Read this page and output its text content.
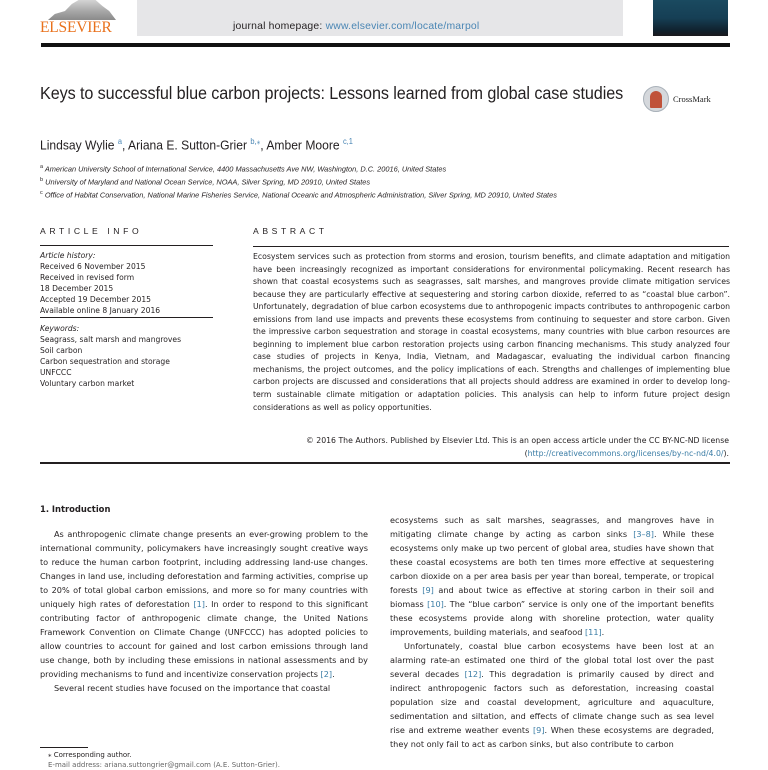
ELSEVIER	journal homepage: www.elsevier.com/locate/marpol
Keys to successful blue carbon projects: Lessons learned from global case studies	CrossMark
Lindsay Wylie $^a$, Ariana E. Sutton-Grier $^{b,⁎}$, Amber Moore $^{c,1}$
$^a$ American University School of International Service, 4400 Massachusetts Ave NW, Washington, D.C. 20016, United States
$^b$ University of Maryland and National Ocean Service, NOAA, Silver Spring, MD 20910, United States
$^c$ Office of Habitat Conservation, National Marine Fisheries Service, National Oceanic and Atmospheric Administration, Silver Spring, MD 20910, United States
ARTICLE INFO
Article history:
Received 6 November 2015
Received in revised form
18 December 2015
Accepted 19 December 2015
Available online 8 January 2016
Keywords:
Seagrass, salt marsh and mangroves
Soil carbon
Carbon sequestration and storage
UNFCCC
Voluntary carbon market
ABSTRACT

Ecosystem services such as protection from storms and erosion, tourism benefits, and climate adaptation and mitigation have been increasingly recognized as important considerations for environmental policymaking. Recent research has shown that coastal ecosystems such as seagrasses, salt marshes, and mangroves provide climate mitigation services because they are particularly effective at sequestering and storing carbon dioxide, referred to as “coastal blue carbon”. Unfortunately, degradation of blue carbon ecosystems due to anthropogenic impacts contributes to anthropogenic carbon emissions from land use impacts and prevents these ecosystems from continuing to sequester and store carbon. Given the impressive carbon sequestration and storage in coastal ecosystems, many countries with blue carbon resources are beginning to implement blue carbon restoration projects using carbon financing mechanisms. This study analyzed four case studies of projects in Kenya, India, Vietnam, and Madagascar, evaluating the individual carbon financing mechanisms, the project outcomes, and the policy implications of each. Strengths and challenges of implementing blue carbon projects are discussed and considerations that all projects should address are examined in order to develop long-term sustainable climate mitigation or adaptation policies. This analysis can help to inform future project design considerations as well as policy opportunities.

© 2016 The Authors. Published by Elsevier Ltd. This is an open access article under the CC BY-NC-ND license (http://creativecommons.org/licenses/by-nc-nd/4.0/).
1. Introduction

As anthropogenic climate change presents an ever-growing problem to the international community, policymakers have increasingly sought creative ways to reduce the human carbon footprint, including addressing land-use changes. Changes in land use, including deforestation and farming activities, comprise up to 20% of total global carbon emissions, and more so for many countries with uniquely high rates of deforestation [1]. In order to respond to this significant contributing factor of anthropogenic climate change, the United Nations Framework Convention on Climate Change (UNFCCC) has adopted policies to allow countries to account for gained and lost carbon emissions through land use change, both by including these emissions in national assessments and by providing mechanisms to fund and incentivize conservation projects [2].

Several recent studies have focused on the importance that coastal

ecosystems such as salt marshes, seagrasses, and mangroves have in mitigating climate change by acting as carbon sinks [3–8]. While these ecosystems only make up two percent of global area, studies have shown that these coastal ecosystems are both ten times more effective at sequestering carbon dioxide on a per area basis per year than boreal, temperate, or tropical forests [9] and about twice as effective at storing carbon in their soil and biomass [10]. The “blue carbon” service is only one of the important benefits these ecosystems provide along with shoreline protection, water quality improvements, building materials, and seafood [11].

Unfortunately, coastal blue carbon ecosystems have been lost at an alarming rate-an estimated one third of the global total lost over the past several decades [12]. This degradation is primarily caused by direct and indirect anthropogenic factors such as deforestation, increasing coastal population size and coastal development, agriculture and aquaculture, sedimentation and siltation, and effects of climate change such as sea level rise and extreme weather events [9]. When these ecosystems are degraded, they not only fail to act as carbon sinks, but also contribute to carbon

⁎ Corresponding author.
E-mail address: ariana.suttongrier@gmail.com (A.E. Sutton-Grier).
